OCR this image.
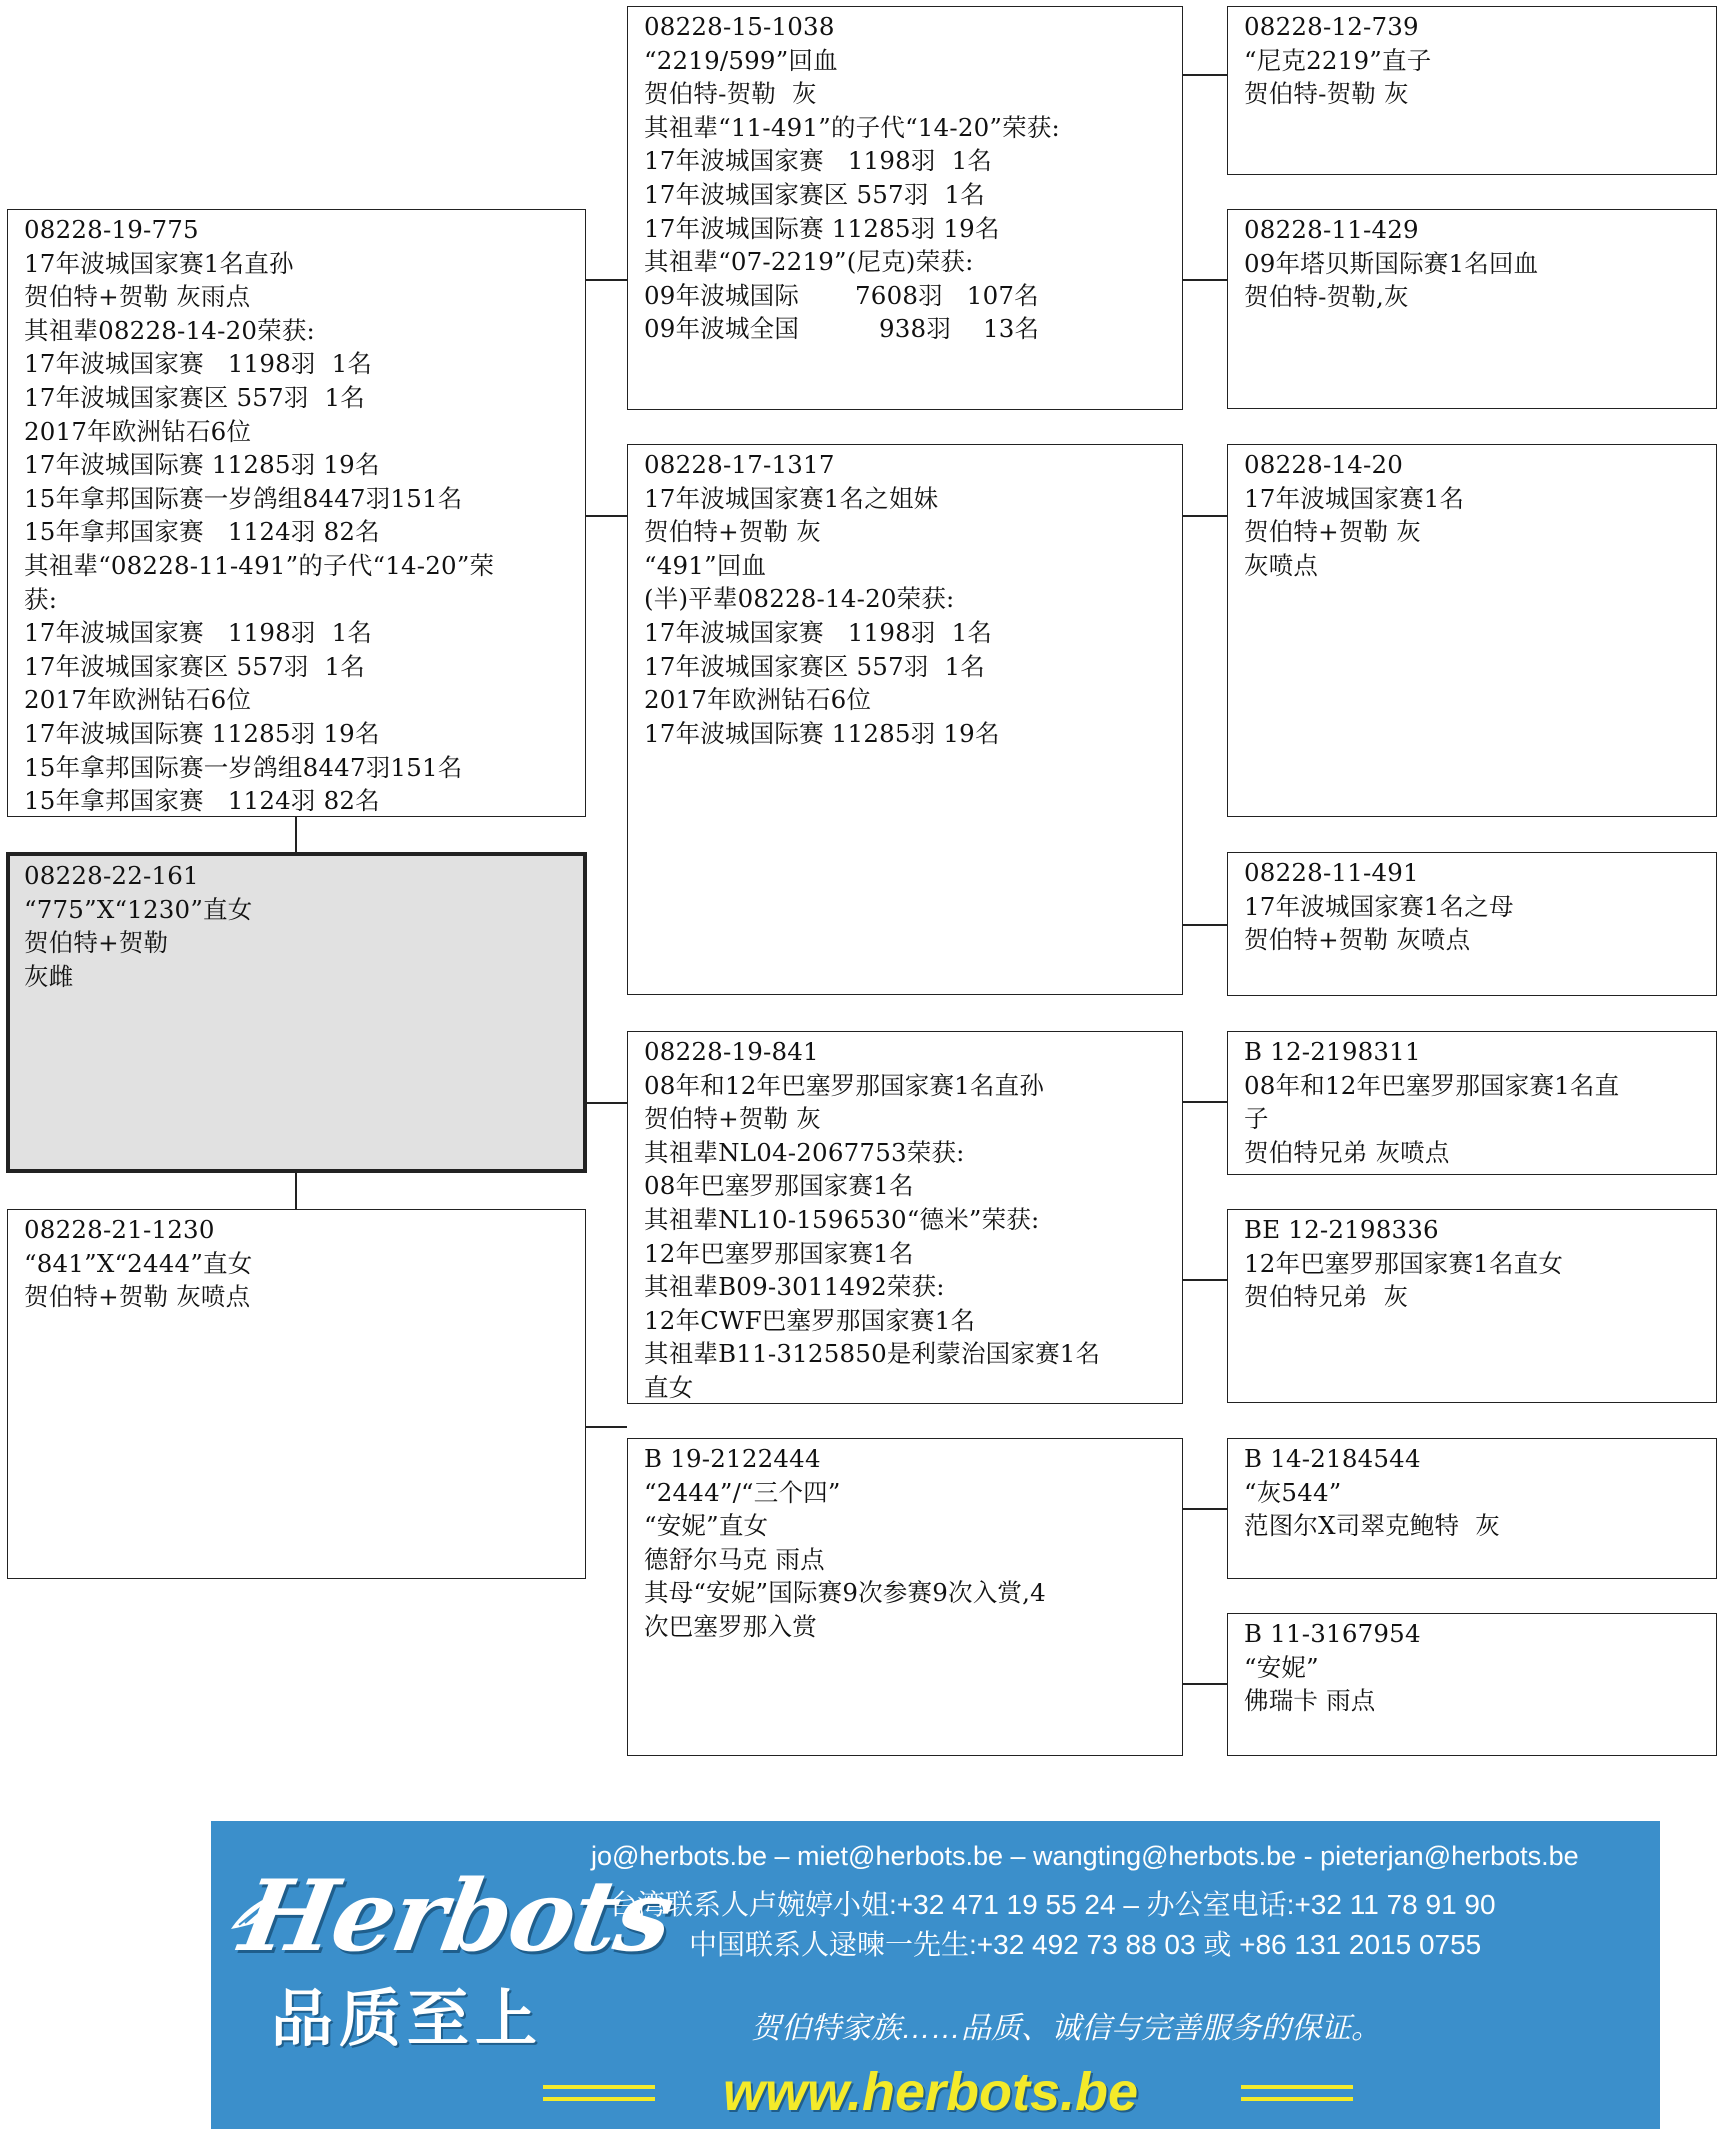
08228-19-775
17年波城国家赛1名直孙
贺伯特+贺勒 灰雨点
其祖辈08228-14-20荣获:
17年波城国家赛   1198羽  1名
17年波城国家赛区 557羽  1名
2017年欧洲钻石6位
17年波城国际赛 11285羽 19名
15年拿邦国际赛一岁鸽组8447羽151名
15年拿邦国家赛   1124羽 82名
其祖辈“08228-11-491”的子代“14-20”荣
获:
17年波城国家赛   1198羽  1名
17年波城国家赛区 557羽  1名
2017年欧洲钻石6位
17年波城国际赛 11285羽 19名
15年拿邦国际赛一岁鸽组8447羽151名
15年拿邦国家赛   1124羽 82名
08228-22-161
“775”X“1230”直女
贺伯特+贺勒
灰雌
08228-21-1230
“841”X“2444”直女
贺伯特+贺勒 灰喷点
08228-15-1038
“2219/599”回血
贺伯特-贺勒  灰
其祖辈“11-491”的子代“14-20”荣获:
17年波城国家赛   1198羽  1名
17年波城国家赛区 557羽  1名
17年波城国际赛 11285羽 19名
其祖辈“07-2219”(尼克)荣获:
09年波城国际       7608羽   107名
09年波城全国          938羽    13名
08228-17-1317
17年波城国家赛1名之姐妹
贺伯特+贺勒 灰
“491”回血
(半)平辈08228-14-20荣获:
17年波城国家赛   1198羽  1名
17年波城国家赛区 557羽  1名
2017年欧洲钻石6位
17年波城国际赛 11285羽 19名
08228-19-841
08年和12年巴塞罗那国家赛1名直孙
贺伯特+贺勒 灰
其祖辈NL04-2067753荣获:
08年巴塞罗那国家赛1名
其祖辈NL10-1596530“德米”荣获:
12年巴塞罗那国家赛1名
其祖辈B09-3011492荣获:
12年CWF巴塞罗那国家赛1名
其祖辈B11-3125850是利蒙治国家赛1名
直女
B 19-2122444
“2444”/“三个四”
“安妮”直女
德舒尔马克 雨点
其母“安妮”国际赛9次参赛9次入赏,4
次巴塞罗那入赏
08228-12-739
“尼克2219”直子
贺伯特-贺勒 灰
08228-11-429
09年塔贝斯国际赛1名回血
贺伯特-贺勒,灰
08228-14-20
17年波城国家赛1名
贺伯特+贺勒 灰
灰喷点
08228-11-491
17年波城国家赛1名之母
贺伯特+贺勒 灰喷点
B 12-2198311
08年和12年巴塞罗那国家赛1名直
子
贺伯特兄弟 灰喷点
BE 12-2198336
12年巴塞罗那国家赛1名直女
贺伯特兄弟  灰
B 14-2184544
“灰544”
范图尔X司翠克鲍特  灰
B 11-3167954
“安妮”
佛瑞卡 雨点
Herbots
品质至上
jo@herbots.be – miet@herbots.be – wangting@herbots.be - pieterjan@herbots.be
台湾联系人卢婉婷小姐:+32 471 19 55 24 – 办公室电话:+32 11 78 91 90
中国联系人逯暕一先生:+32 492 73 88 03 或 +86 131 2015 0755
贺伯特家族……品质、诚信与完善服务的保证。
www.herbots.be
